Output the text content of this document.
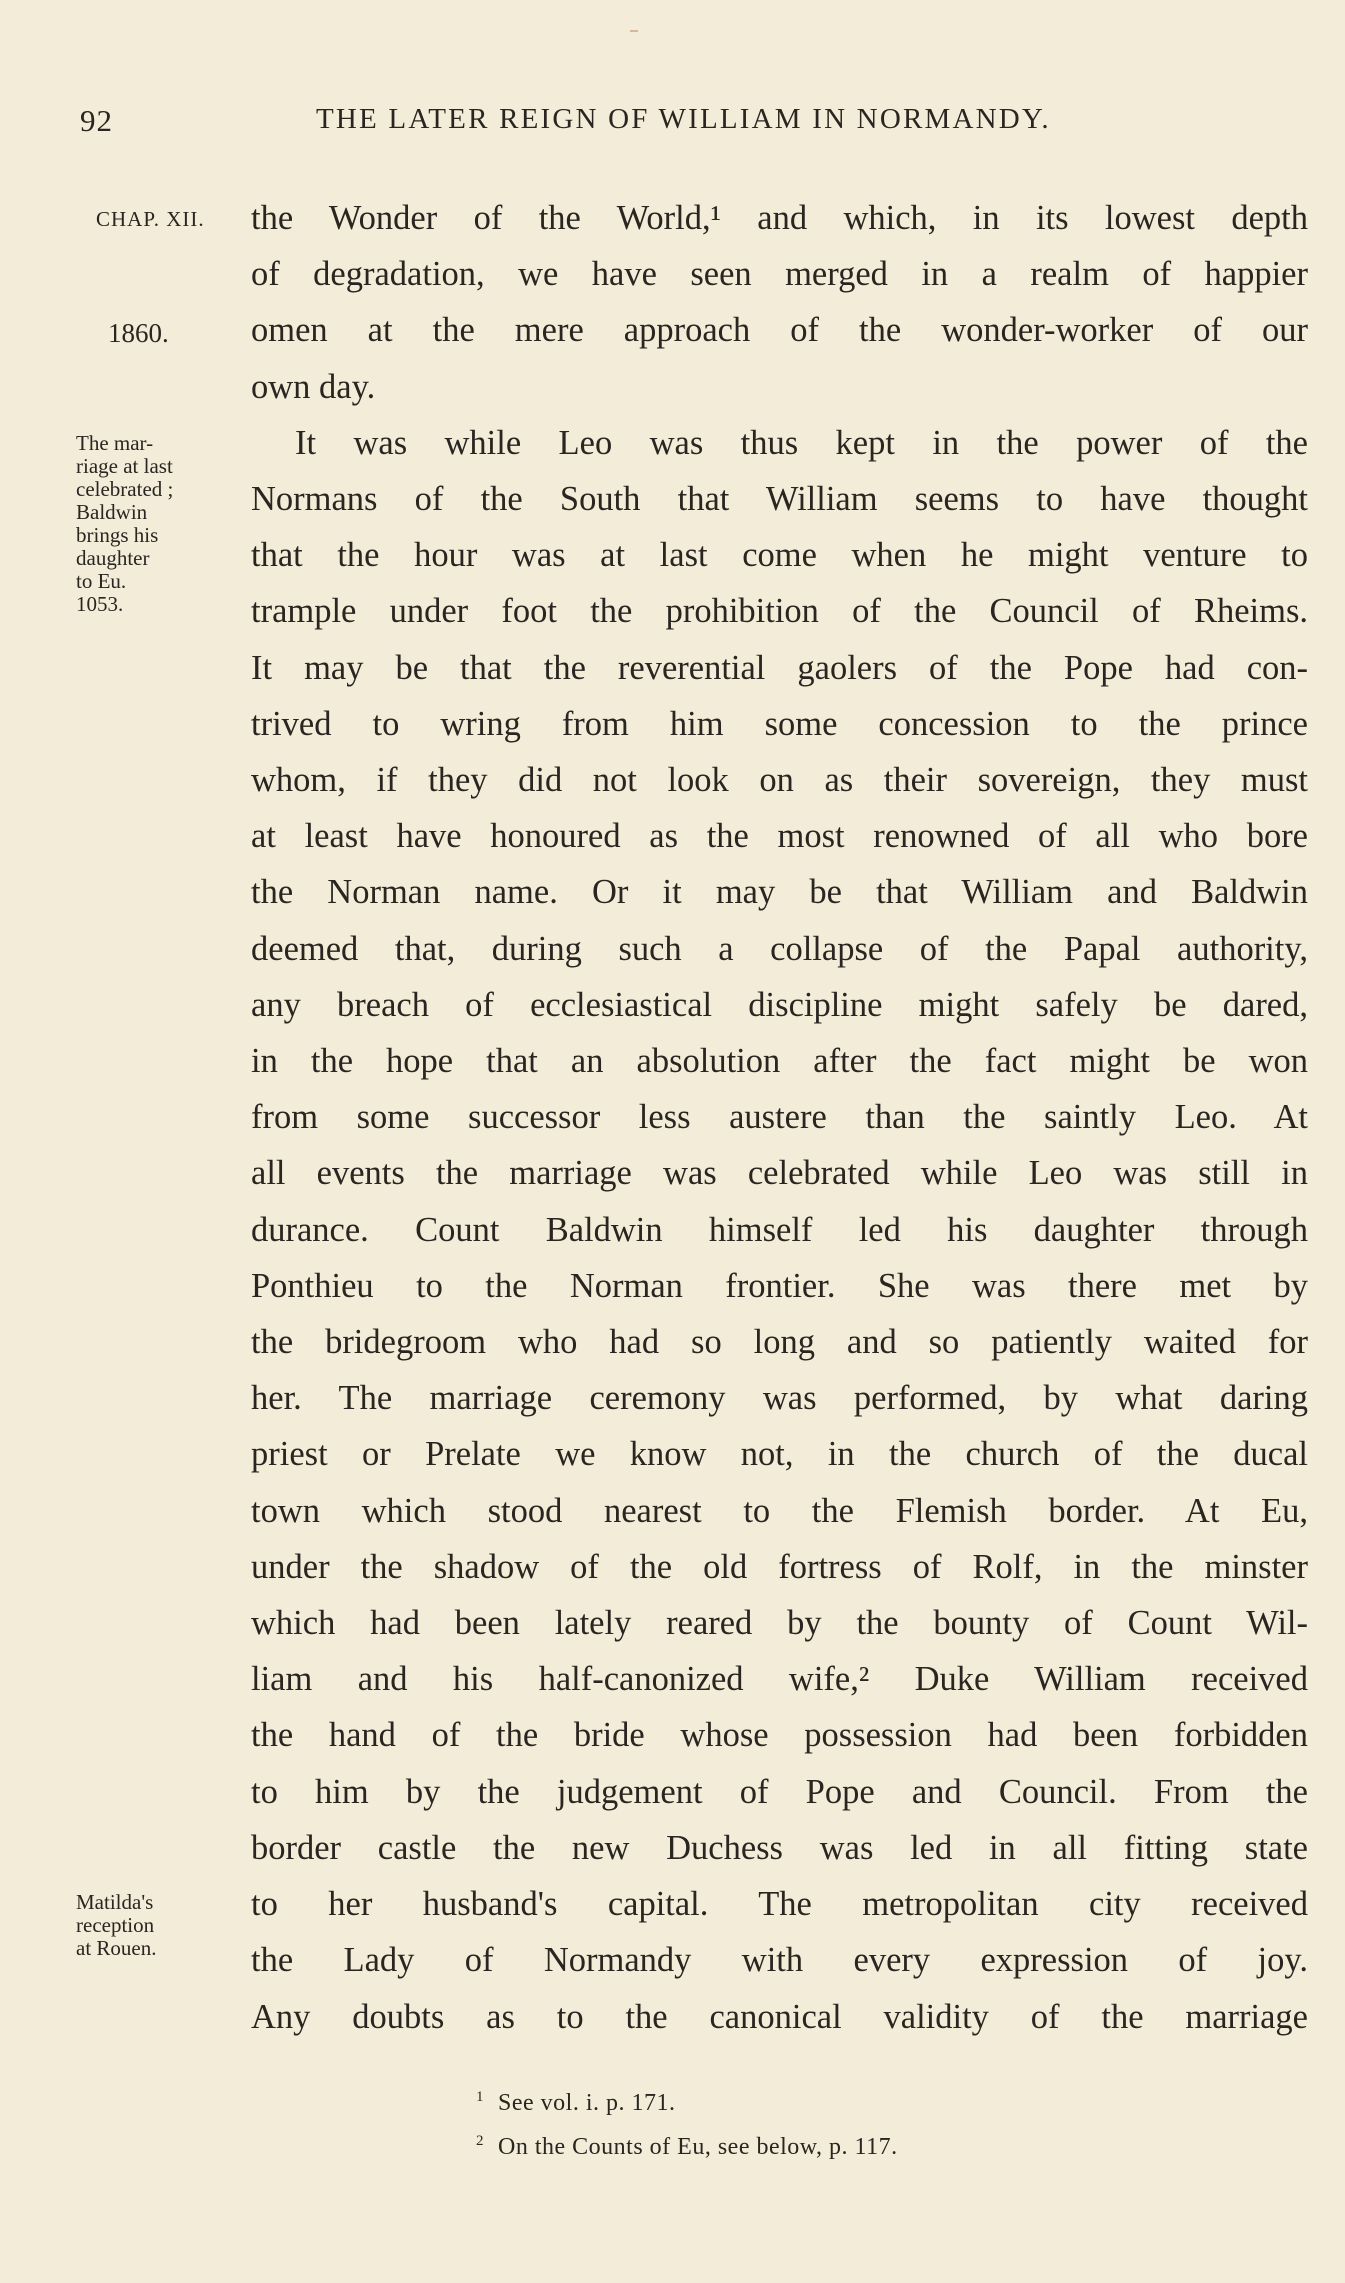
92	THE LATER REIGN OF WILLIAM IN NORMANDY.
CHAP. XII.
1860.
The mar-
riage at last
celebrated ;
Baldwin
brings his
daughter
to Eu.
1053.
Matilda's
reception
at Rouen.
the Wonder of the World,¹ and which, in its lowest depth
of degradation, we have seen merged in a realm of happier
omen at the mere approach of the wonder-worker of our
own day.
It was while Leo was thus kept in the power of the
Normans of the South that William seems to have thought
that the hour was at last come when he might venture to
trample under foot the prohibition of the Council of Rheims.
It may be that the reverential gaolers of the Pope had con-
trived to wring from him some concession to the prince
whom, if they did not look on as their sovereign, they must
at least have honoured as the most renowned of all who bore
the Norman name. Or it may be that William and Baldwin
deemed that, during such a collapse of the Papal authority,
any breach of ecclesiastical discipline might safely be dared,
in the hope that an absolution after the fact might be won
from some successor less austere than the saintly Leo. At
all events the marriage was celebrated while Leo was still in
durance. Count Baldwin himself led his daughter through
Ponthieu to the Norman frontier. She was there met by
the bridegroom who had so long and so patiently waited for
her. The marriage ceremony was performed, by what daring
priest or Prelate we know not, in the church of the ducal
town which stood nearest to the Flemish border. At Eu,
under the shadow of the old fortress of Rolf, in the minster
which had been lately reared by the bounty of Count Wil-
liam and his half-canonized wife,² Duke William received
the hand of the bride whose possession had been forbidden
to him by the judgement of Pope and Council. From the
border castle the new Duchess was led in all fitting state
to her husband's capital. The metropolitan city received
the Lady of Normandy with every expression of joy.
Any doubts as to the canonical validity of the marriage
$^1$ See vol. i. p. 171.
$^2$ On the Counts of Eu, see below, p. 117.
